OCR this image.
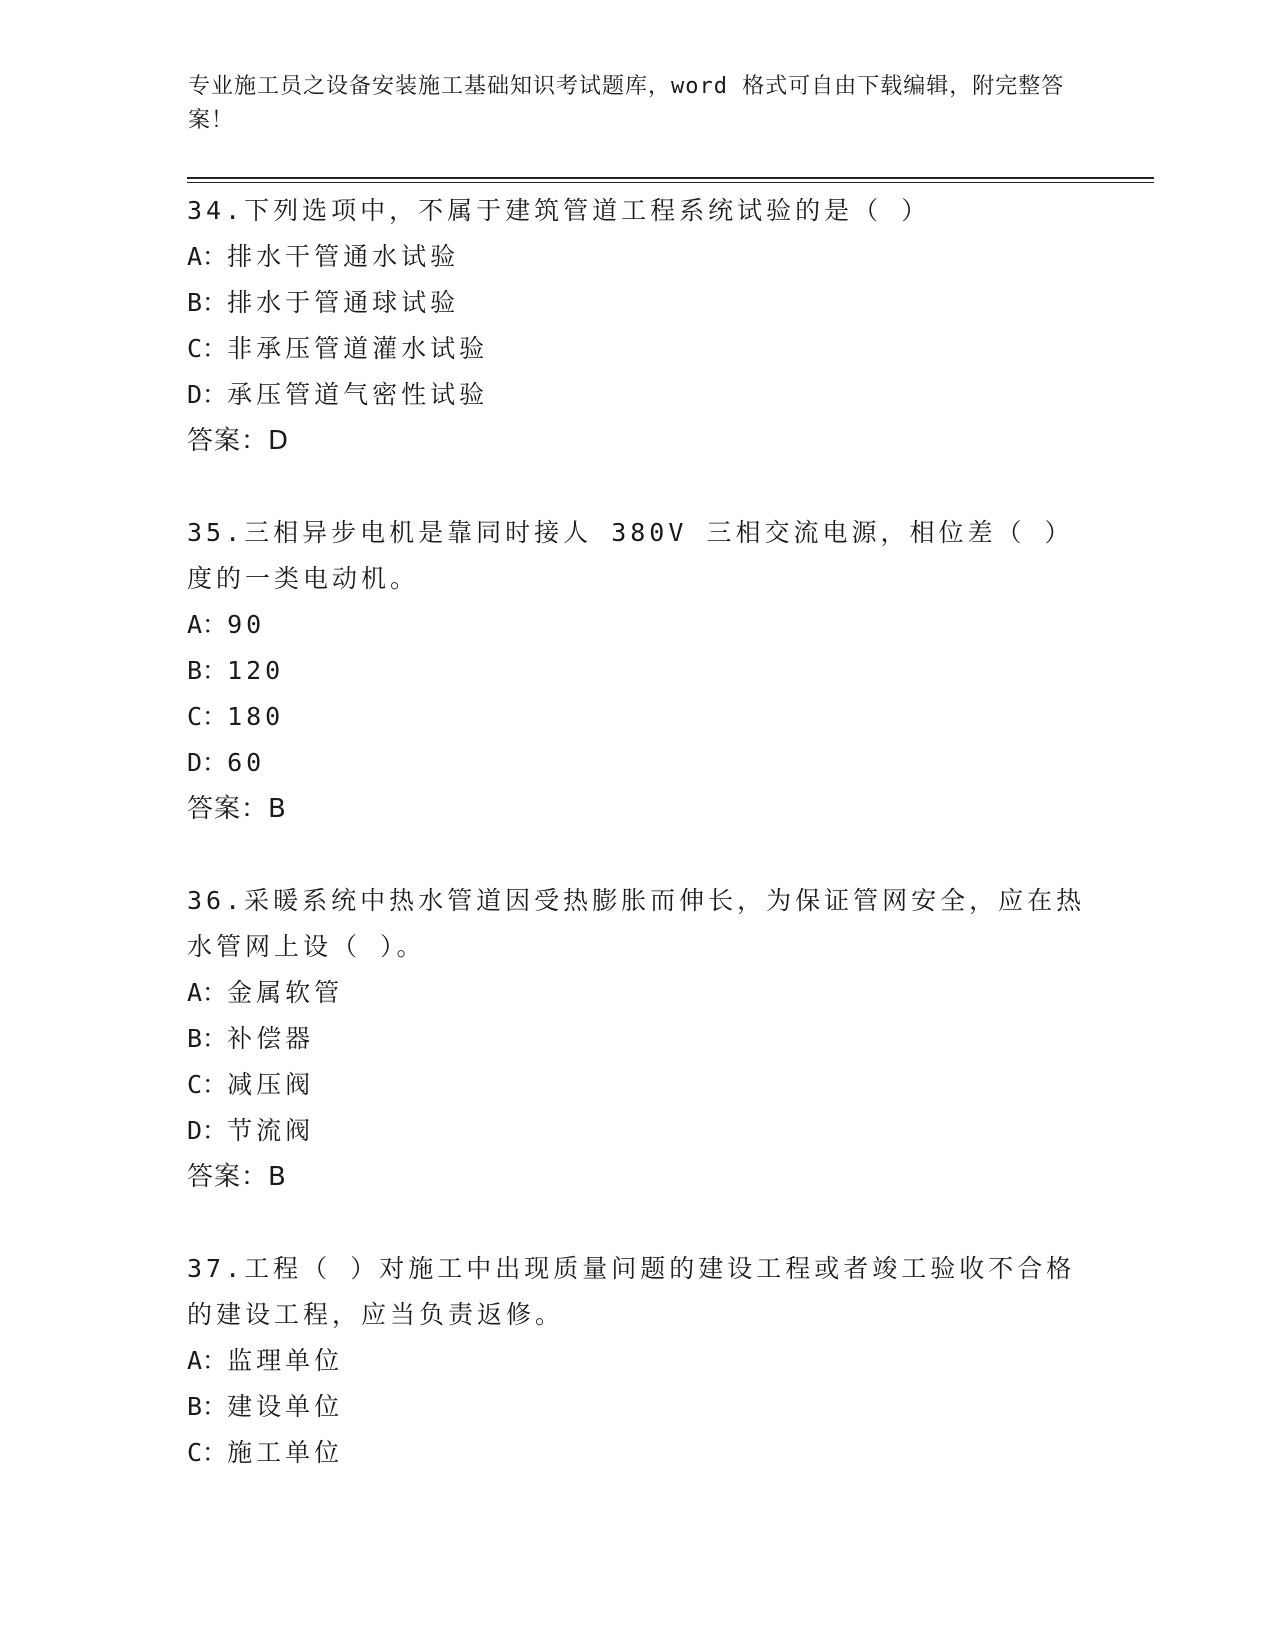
专业施工员之设备安装施工基础知识考试题库，word 格式可自由下载编辑，附完整答案！
34.下列选项中，不属于建筑管道工程系统试验的是（ ）
A：排水干管通水试验
B：排水于管通球试验
C：非承压管道灌水试验
D：承压管道气密性试验
答案：D
35.三相异步电机是靠同时接人 380V 三相交流电源，相位差（ ）度的一类电动机。
A：90
B：120
C：180
D：60
答案：B
36.采暖系统中热水管道因受热膨胀而伸长，为保证管网安全，应在热水管网上设（ ）。
A：金属软管
B：补偿器
C：减压阀
D：节流阀
答案：B
37.工程（ ）对施工中出现质量问题的建设工程或者竣工验收不合格的建设工程，应当负责返修。
A：监理单位
B：建设单位
C：施工单位
